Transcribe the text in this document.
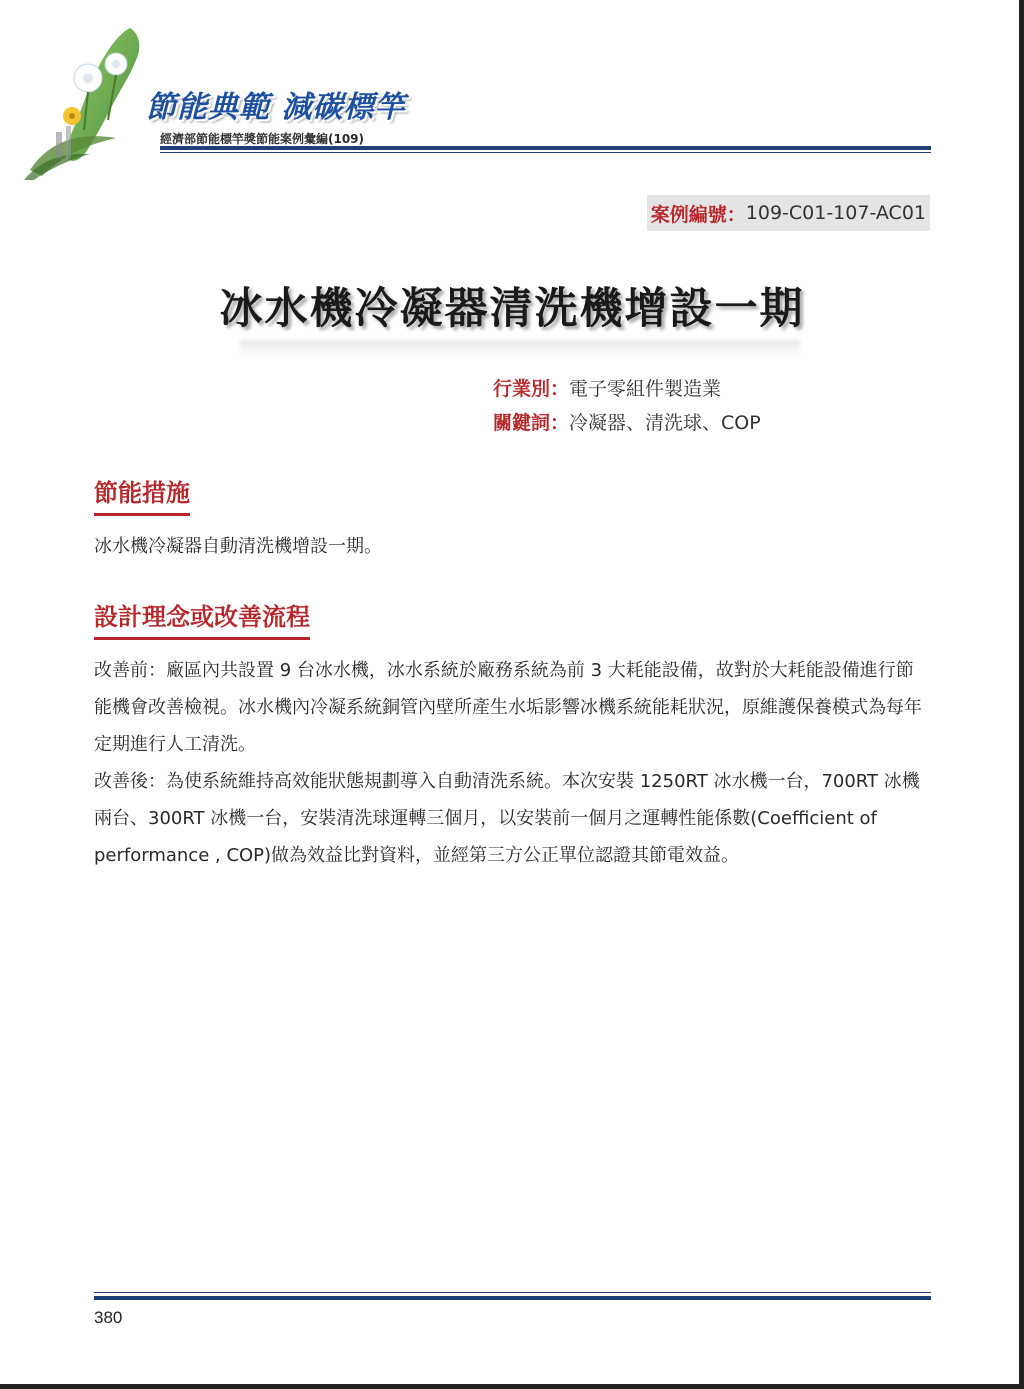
節能典範 減碳標竿
經濟部節能標竿獎節能案例彙編(109)
案例編號： 109-C01-107-AC01
冰水機冷凝器清洗機增設一期
行業別：電子零組件製造業
關鍵詞：冷凝器、清洗球、COP
節能措施

冰水機冷凝器自動清洗機增設一期。

設計理念或改善流程

改善前：廠區內共設置 9 台冰水機，冰水系統於廠務系統為前 3 大耗能設備，故對於大耗能設備進行節能機會改善檢視。冰水機內冷凝系統銅管內壁所產生水垢影響冰機系統能耗狀況，原維護保養模式為每年定期進行人工清洗。

改善後：為使系統維持高效能狀態規劃導入自動清洗系統。本次安裝 1250RT 冰水機一台，700RT 冰機兩台、300RT 冰機一台，安裝清洗球運轉三個月，以安裝前一個月之運轉性能係數(Coefficient of performance , COP)做為效益比對資料，並經第三方公正單位認證其節電效益。

380
